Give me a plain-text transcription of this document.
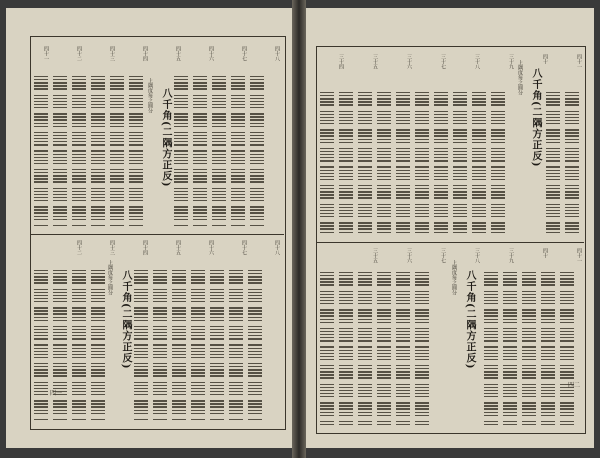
八千角(二隅方正反)
上隅度毎之圓分
八千角(二隅方正反)
上隅度毎之圓分
四一
四十八
四十七
四十六
四十五
四十四
四十三
四十二
四十一
四十八
四十七
四十六
四十五
四十四
四十三
四十二
八千角(二隅方正反)
上隅度毎之圓分
八千角(二隅方正反)
上隅度毎之圓分
四二
四十一
四十
三十九
三十八
三十七
三十六
三十五
三十四
四十一
四十
三十九
三十八
三十七
三十六
三十五
